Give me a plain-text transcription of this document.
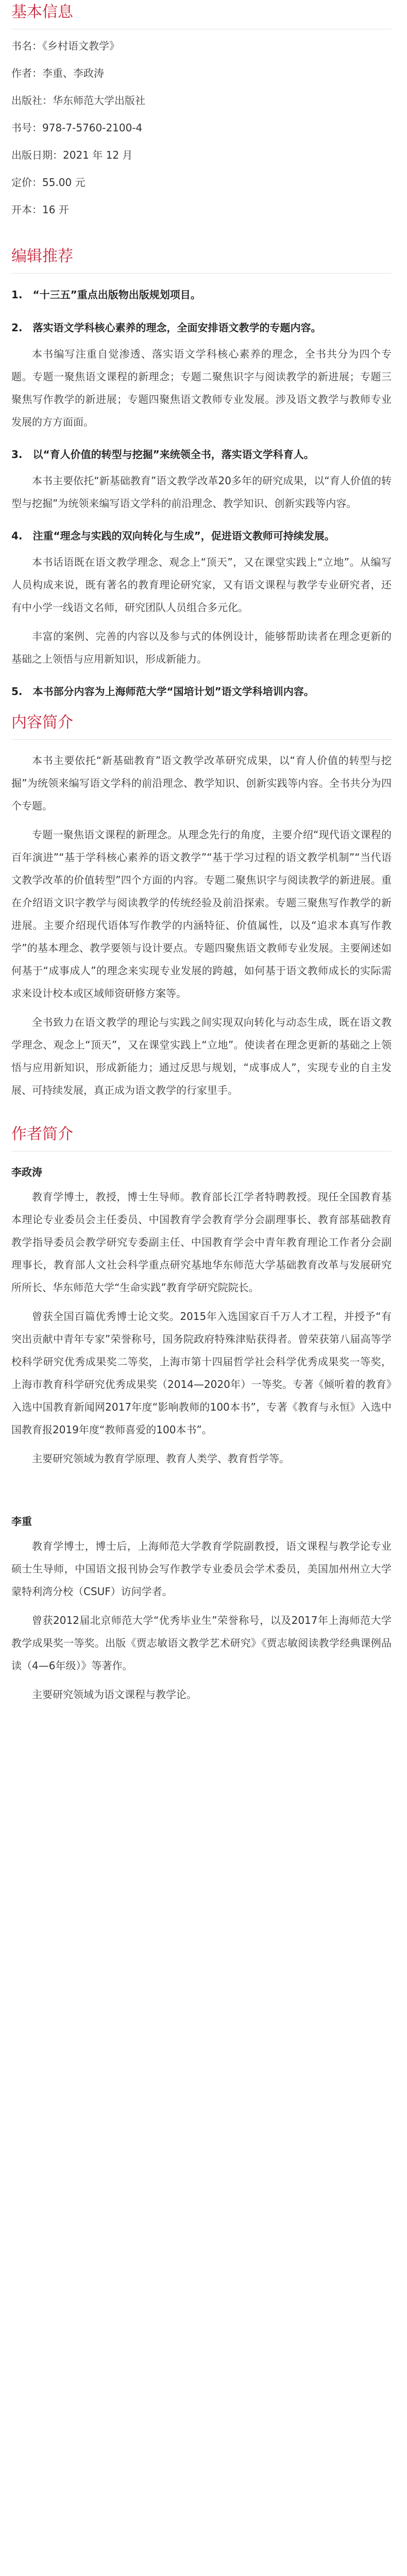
基本信息
书名：《乡村语文教学》
作者：李重、李政涛
出版社：华东师范大学出版社
书号：978-7-5760-2100-4
出版日期：2021 年 12 月
定价：55.00 元
开本：16 开
编辑推荐
1.　“十三五”重点出版物出版规划项目。
2.　落实语文学科核心素养的理念，全面安排语文教学的专题内容。

本书编写注重自觉渗透、落实语文学科核心素养的理念，全书共分为四个专题。专题一聚焦语文课程的新理念；专题二聚焦识字与阅读教学的新进展；专题三聚焦写作教学的新进展；专题四聚焦语文教师专业发展。涉及语文教学与教师专业发展的方方面面。

3.　以“育人价值的转型与挖掘”来统领全书，落实语文学科育人。

本书主要依托“新基础教育”语文教学改革20多年的研究成果，以“育人价值的转型与挖掘”为统领来编写语文学科的前沿理念、教学知识、创新实践等内容。

4.　注重“理念与实践的双向转化与生成”，促进语文教师可持续发展。

本书话语既在语文教学理念、观念上“顶天”，又在课堂实践上“立地”。从编写人员构成来说，既有著名的教育理论研究家，又有语文课程与教学专业研究者，还有中小学一线语文名师，研究团队人员组合多元化。

丰富的案例、完善的内容以及参与式的体例设计，能够帮助读者在理念更新的基础之上领悟与应用新知识，形成新能力。

5.　本书部分内容为上海师范大学“国培计划”语文学科培训内容。
内容简介

本书主要依托“新基础教育”语文教学改革研究成果，以“育人价值的转型与挖掘”为统领来编写语文学科的前沿理念、教学知识、创新实践等内容。全书共分为四个专题。

专题一聚焦语文课程的新理念。从理念先行的角度，主要介绍“现代语文课程的百年演进”“基于学科核心素养的语文教学”“基于学习过程的语文教学机制”“当代语文教学改革的价值转型”四个方面的内容。专题二聚焦识字与阅读教学的新进展。重在介绍语文识字教学与阅读教学的传统经验及前沿探索。专题三聚焦写作教学的新进展。主要介绍现代语体写作教学的内涵特征、价值属性，以及“追求本真写作教学”的基本理念、教学要领与设计要点。专题四聚焦语文教师专业发展。主要阐述如何基于“成事成人”的理念来实现专业发展的跨越，如何基于语文教师成长的实际需求来设计校本或区域师资研修方案等。

全书致力在语文教学的理论与实践之间实现双向转化与动态生成，既在语文教学理念、观念上“顶天”，又在课堂实践上“立地”。使读者在理念更新的基础之上领悟与应用新知识，形成新能力；通过反思与规划，“成事成人”，实现专业的自主发展、可持续发展，真正成为语文教学的行家里手。

作者简介
李政涛

教育学博士，教授，博士生导师。教育部长江学者特聘教授。现任全国教育基本理论专业委员会主任委员、中国教育学会教育学分会副理事长、教育部基础教育教学指导委员会教学研究专委副主任、中国教育学会中青年教育理论工作者分会副理事长，教育部人文社会科学重点研究基地华东师范大学基础教育改革与发展研究所所长、华东师范大学“生命实践”教育学研究院院长。

曾获全国百篇优秀博士论文奖。2015年入选国家百千万人才工程，并授予“有突出贡献中青年专家”荣誉称号，国务院政府特殊津贴获得者。曾荣获第八届高等学校科学研究优秀成果奖二等奖，上海市第十四届哲学社会科学优秀成果奖一等奖，上海市教育科学研究优秀成果奖（2014—2020年）一等奖。专著《倾听着的教育》入选中国教育新闻网2017年度“影响教师的100本书”，专著《教育与永恒》入选中国教育报2019年度“教师喜爱的100本书”。

主要研究领域为教育学原理、教育人类学、教育哲学等。

李重

教育学博士，博士后，上海师范大学教育学院副教授，语文课程与教学论专业硕士生导师，中国语文报刊协会写作教学专业委员会学术委员，美国加州州立大学蒙特利湾分校（CSUF）访问学者。

曾获2012届北京师范大学“优秀毕业生”荣誉称号，以及2017年上海师范大学教学成果奖一等奖。出版《贾志敏语文教学艺术研究》《贾志敏阅读教学经典课例品读（4—6年级）》等著作。

主要研究领域为语文课程与教学论。
